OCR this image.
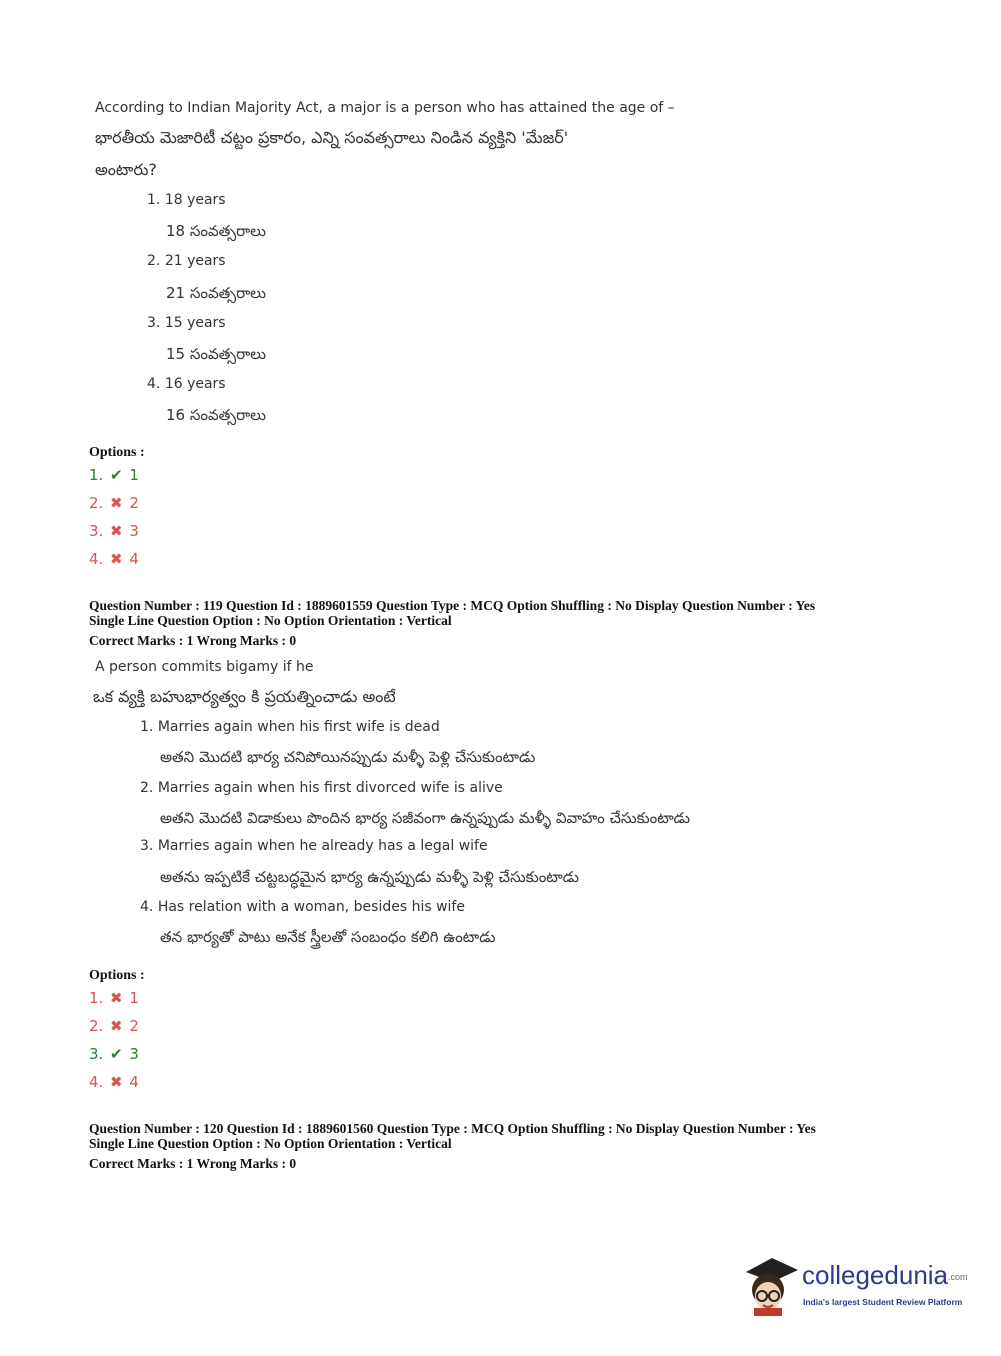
According to Indian Majority Act, a major is a person who has attained the age of –
భారతీయ మెజారిటీ చట్టం ప్రకారం, ఎన్ని సంవత్సరాలు నిండిన వ్యక్తిని 'మేజర్'
అంటారు?
1. 18 years
18 సంవత్సరాలు
2. 21 years
21 సంవత్సరాలు
3. 15 years
15 సంవత్సరాలు
4. 16 years
16 సంవత్సరాలు
Options :
1. ✔ 1
2. ✖ 2
3. ✖ 3
4. ✖ 4
Question Number : 119 Question Id : 1889601559 Question Type : MCQ Option Shuffling : No Display Question Number : Yes
Single Line Question Option : No Option Orientation : Vertical
Correct Marks : 1 Wrong Marks : 0
A person commits bigamy if he
ఒక వ్యక్తి బహుభార్యత్వం కి ప్రయత్నించాడు అంటే
1. Marries again when his first wife is dead
అతని మొదటి భార్య చనిపోయినప్పుడు మళ్ళీ పెళ్లి చేసుకుంటాడు
2. Marries again when his first divorced wife is alive
అతని మొదటి విడాకులు పొందిన భార్య సజీవంగా ఉన్నప్పుడు మళ్ళీ వివాహం చేసుకుంటాడు
3. Marries again when he already has a legal wife
అతను ఇప్పటికే చట్టబద్ధమైన భార్య ఉన్నప్పుడు మళ్ళీ పెళ్లి చేసుకుంటాడు
4. Has relation with a woman, besides his wife
తన భార్యతో పాటు అనేక స్త్రీలతో సంబంధం కలిగి ఉంటాడు
Options :
1. ✖ 1
2. ✖ 2
3. ✔ 3
4. ✖ 4
Question Number : 120 Question Id : 1889601560 Question Type : MCQ Option Shuffling : No Display Question Number : Yes
Single Line Question Option : No Option Orientation : Vertical
Correct Marks : 1 Wrong Marks : 0
collegedunia.com
India's largest Student Review Platform
